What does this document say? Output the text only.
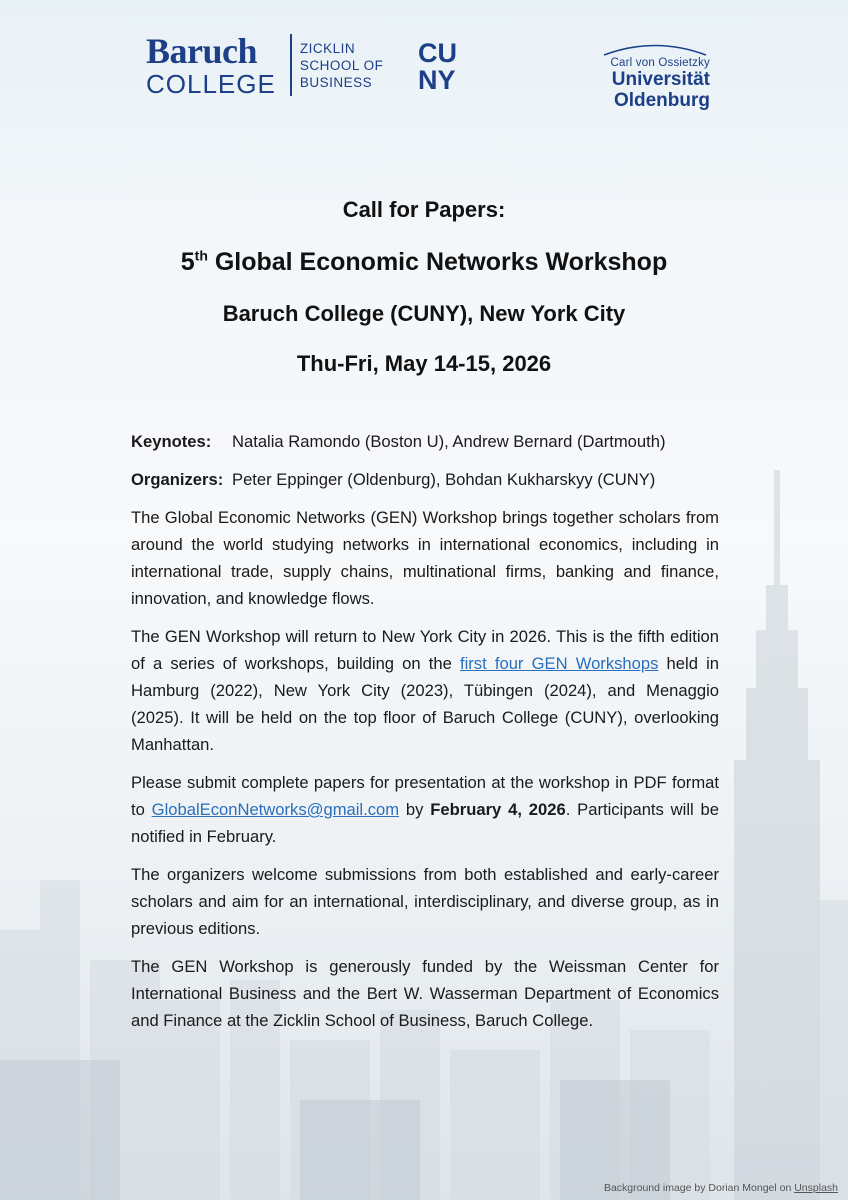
Baruch
COLLEGE
ZICKLIN
SCHOOL OF
BUSINESS
CU
NY
Carl von Ossietzky
Universität
Oldenburg
Call for Papers:
5th Global Economic Networks Workshop
Baruch College (CUNY), New York City
Thu-Fri, May 14-15, 2026
Keynotes:	Natalia Ramondo (Boston U), Andrew Bernard (Dartmouth)
Organizers: Peter Eppinger (Oldenburg), Bohdan Kukharskyy (CUNY)

The Global Economic Networks (GEN) Workshop brings together scholars from around the world studying networks in international economics, including in international trade, supply chains, multinational firms, banking and finance, innovation, and knowledge flows.

The GEN Workshop will return to New York City in 2026. This is the fifth edition of a series of workshops, building on the first four GEN Workshops held in Hamburg (2022), New York City (2023), Tübingen (2024), and Menaggio (2025). It will be held on the top floor of Baruch College (CUNY), overlooking Manhattan.

Please submit complete papers for presentation at the workshop in PDF format to GlobalEconNetworks@gmail.com by February 4, 2026. Participants will be notified in February.

The organizers welcome submissions from both established and early-career scholars and aim for an international, interdisciplinary, and diverse group, as in previous editions.

The GEN Workshop is generously funded by the Weissman Center for International Business and the Bert W. Wasserman Department of Economics and Finance at the Zicklin School of Business, Baruch College.

Background image by Dorian Mongel on Unsplash
